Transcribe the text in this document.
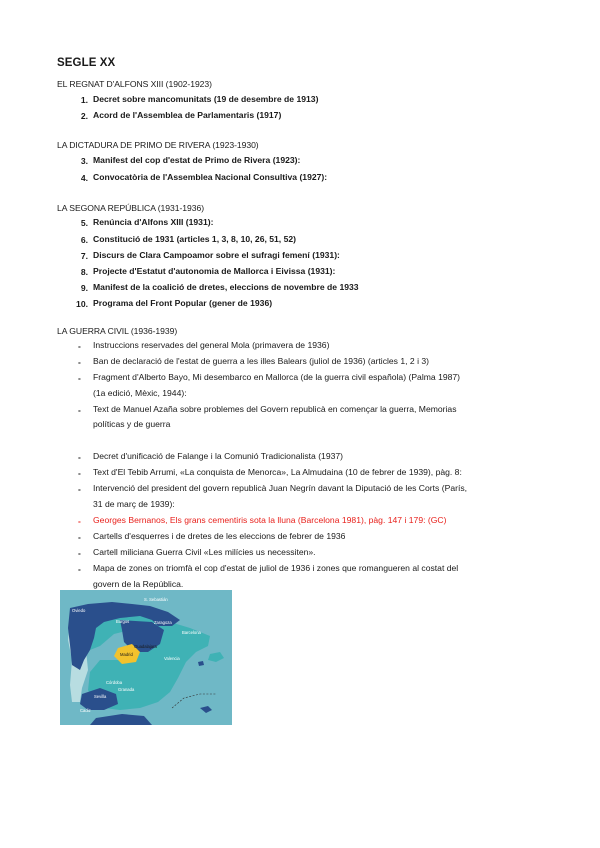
SEGLE XX
EL REGNAT D'ALFONS XIII (1902-1923)
1. Decret sobre mancomunitats (19 de desembre de 1913)
2. Acord de l'Assemblea de Parlamentaris (1917)
LA DICTADURA DE PRIMO DE RIVERA (1923-1930)
3. Manifest del cop d'estat de Primo de Rivera (1923):
4. Convocatòria de l'Assemblea Nacional Consultiva (1927):
LA SEGONA REPÚBLICA (1931-1936)
5. Renúncia d'Alfons XIII (1931):
6. Constitució de 1931 (articles 1, 3, 8, 10, 26, 51, 52)
7. Discurs de Clara Campoamor sobre el sufragi femení (1931):
8. Projecte d'Estatut d'autonomia de Mallorca i Eivissa (1931):
9. Manifest de la coalició de dretes, eleccions de novembre de 1933
10. Programa del Front Popular (gener de 1936)
LA GUERRA CIVIL (1936-1939)
- Instruccions reservades del general Mola (primavera de 1936)
- Ban de declaració de l'estat de guerra a les illes Balears (juliol de 1936) (articles 1, 2 i 3)
- Fragment d'Alberto Bayo, Mi desembarco en Mallorca (de la guerra civil española) (Palma 1987)
(1a edició, Mèxic, 1944):
- Text de Manuel Azaña sobre problemes del Govern republicà en començar la guerra, Memorias
políticas y de guerra
- Decret d'unificació de Falange i la Comunió Tradicionalista (1937)
- Text d'El Tebib Arrumi, «La conquista de Menorca», La Almudaina (10 de febrer de 1939), pàg. 8:
- Intervenció del president del govern republicà Juan Negrín davant la Diputació de les Corts (París,
31 de març de 1939):
- Georges Bernanos, Els grans cementiris sota la lluna (Barcelona 1981), pàg. 147 i 179: (GC)
- Cartells d'esquerres i de dretes de les eleccions de febrer de 1936
- Cartell miliciana Guerra Civil «Les milícies us necessiten».
- Mapa de zones on triomfà el cop d'estat de juliol de 1936 i zones que romangueren al costat del
govern de la República.
S. Sebastián
Oviedo
Burgos	Zaragoza
Barcelona
Madrid
Guadalajara
Valencia
Córdoba
Granada
Sevilla
Cadiz
